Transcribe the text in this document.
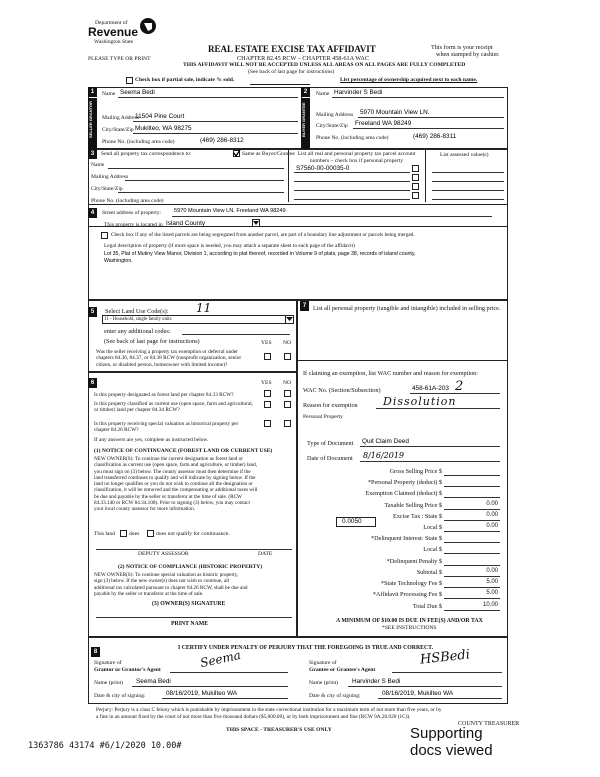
Department of
Revenue
Washington State
PLEASE TYPE OR PRINT
REAL ESTATE EXCISE TAX AFFIDAVIT
CHAPTER 82.45 RCW – CHAPTER 458-61A WAC
THIS AFFIDAVIT WILL NOT BE ACCEPTED UNLESS ALL AREAS ON ALL PAGES ARE FULLY COMPLETED
(See back of last page for instructions)
This form is your receipt
when stamped by cashier.
Check box if partial sale, indicate % sold.	List percentage of ownership acquired next to each name.
1
SELLER GRANTOR
2
BUYER GRANTEE
Name Seema Bedi
Mailing Address
11504 Pine Court
City/State/Zip Mukilteo, WA 98275
Phone No. (including area code)	(469) 286-8312
Name Harvinder S Bedi
Mailing Address 5970 Mountain View LN.
City/State/Zip Freeland WA 98249
Phone No. (including area code)	(469) 286-8311
3	Send all property tax correspondence to:	Same as Buyer/Grantee
Name
Mailing Address
City/State/Zip
Phone No. (including area code)
List all real and personal property tax parcel account numbers – check box if personal property
List assessed value(s)
S7560-00-00035-0
4	Street address of property: 5970 Mountain View LN. Freeland WA 98249
This property is located in Island County
Check box if any of the listed parcels are being segregated from another parcel, are part of a boundary line adjustment or parcels being merged.
Legal description of property (if more space is needed, you may attach a separate sheet to each page of the affidavit)
Lot 35, Plat of Mutiny View Manor, Division 1, according to plat thereof, recorded in Volume 9 of plats, page 38, records of island county,
Washington.
5	Select Land Use Code(s): 11
11 - Household, single family units
enter any additional codes:
(See back of last page for instructions)	YES NO
Was the seller receiving a property tax exemption or deferral under chapters 84.36, 84.37, or 84.38 RCW (nonprofit organization, senior citizen, or disabled person, homeowner with limited income)?
6	YES NO
Is this property designated as forest land per chapter 84.33 RCW?
Is this property classified as current use (open space, farm and agricultural, or timber) land per chapter 84.34 RCW?
Is this property receiving special valuation as historical property per chapter 84.26 RCW?
If any answers are yes, complete as instructed below.
(1) NOTICE OF CONTINUANCE (FOREST LAND OR CURRENT USE)
NEW OWNER(S): To continue the current designation as forest land or
classification as current use (open space, farm and agriculture, or timber) land,
you must sign on (3) below. The county assessor must then determine if the
land transferred continues to qualify and will indicate by signing below. If the
land no longer qualifies or you do not wish to continue all the designation or
classification, it will be removed and the compensating or additional taxes will
be due and payable by the seller or transferor at the time of sale. (RCW
84.33.140 or RCW 84.34.108). Prior to signing (3) below, you may contact
your local county assessor for more information.
This land	does	does not qualify for continuance.
DEPUTY ASSESSOR	DATE
(2) NOTICE OF COMPLIANCE (HISTORIC PROPERTY)
NEW OWNER(S): To continue special valuation as historic property,
sign (3) below. If the new owner(s) does not wish to continue, all
additional tax calculated pursuant to chapter 84.26 RCW, shall be due and
payable by the seller or transferor at the time of sale.
(3) OWNER(S) SIGNATURE
PRINT NAME
7	List all personal property (tangible and intangible) included in selling price.
If claiming an exemption, list WAC number and reason for exemption:
WAC No. (Section/Subsection)	458-61A-203 2
Reason for exemption Dissolution
Personal Property
Type of Document Quit Claim Deed
Date of Document 8/16/2019
Gross Selling Price $
*Personal Property (deduct) $
Exemption Claimed (deduct) $
Taxable Selling Price $	0.00
Excise Tax : State $	0.00
Local $	0.00
*Delinquent Interest: State $
Local $
*Delinquent Penalty $
Subtotal $	0.00
*State Technology Fee $	5.00
*Affidavit Processing Fee $	5.00
Total Due $	10.00
0.0050
A MINIMUM OF $10.00 IS DUE IN FEE(S) AND/OR TAX
*SEE INSTRUCTIONS
8
I CERTIFY UNDER PENALTY OF PERJURY THAT THE FOREGOING IS TRUE AND CORRECT.
Signature of
Grantor or Grantor's Agent	Seema
Name (print) Seema Bedi
Date & city of signing:	08/16/2019, Mukilteo WA
Signature of
Grantee or Grantee's Agent
HSBedi
Name (print) Harvinder S Bedi
Date & city of signing:	08/16/2019, Mukilteo WA
Perjury: Perjury is a class C felony which is punishable by imprisonment in the state correctional institution for a maximum term of not more than five years, or by
a fine in an amount fixed by the court of not more than five thousand dollars ($5,000.00), or by both imprisonment and fine (RCW 9A.20.020 (1C)).
THIS SPACE - TREASURER'S USE ONLY
COUNTY TREASURER
Supporting
docs viewed
1363786 43174 #6/1/2020 10.00#
